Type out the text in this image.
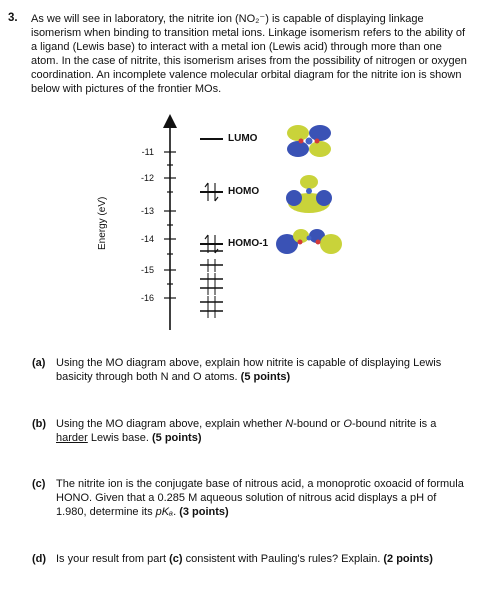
3. As we will see in laboratory, the nitrite ion (NO₂⁻) is capable of displaying linkage isomerism when binding to transition metal ions. Linkage isomerism refers to the ability of a ligand (Lewis base) to interact with a metal ion (Lewis acid) through more than one atom. In the case of nitrite, this isomerism arises from the possibility of nitrogen or oxygen coordination. An incomplete valence molecular orbital diagram for the nitrite ion is shown below with pictures of the frontier MOs.
Energy (eV)
-11
-12
-13
-14
-15
-16
LUMO
HOMO
HOMO-1
(a) Using the MO diagram above, explain how nitrite is capable of displaying Lewis basicity through both N and O atoms. (5 points)
(b) Using the MO diagram above, explain whether N-bound or O-bound nitrite is a harder Lewis base. (5 points)
(c) The nitrite ion is the conjugate base of nitrous acid, a monoprotic oxoacid of formula HONO. Given that a 0.285 M aqueous solution of nitrous acid displays a pH of 1.980, determine its pKₐ. (3 points)
(d) Is your result from part (c) consistent with Pauling's rules? Explain. (2 points)
